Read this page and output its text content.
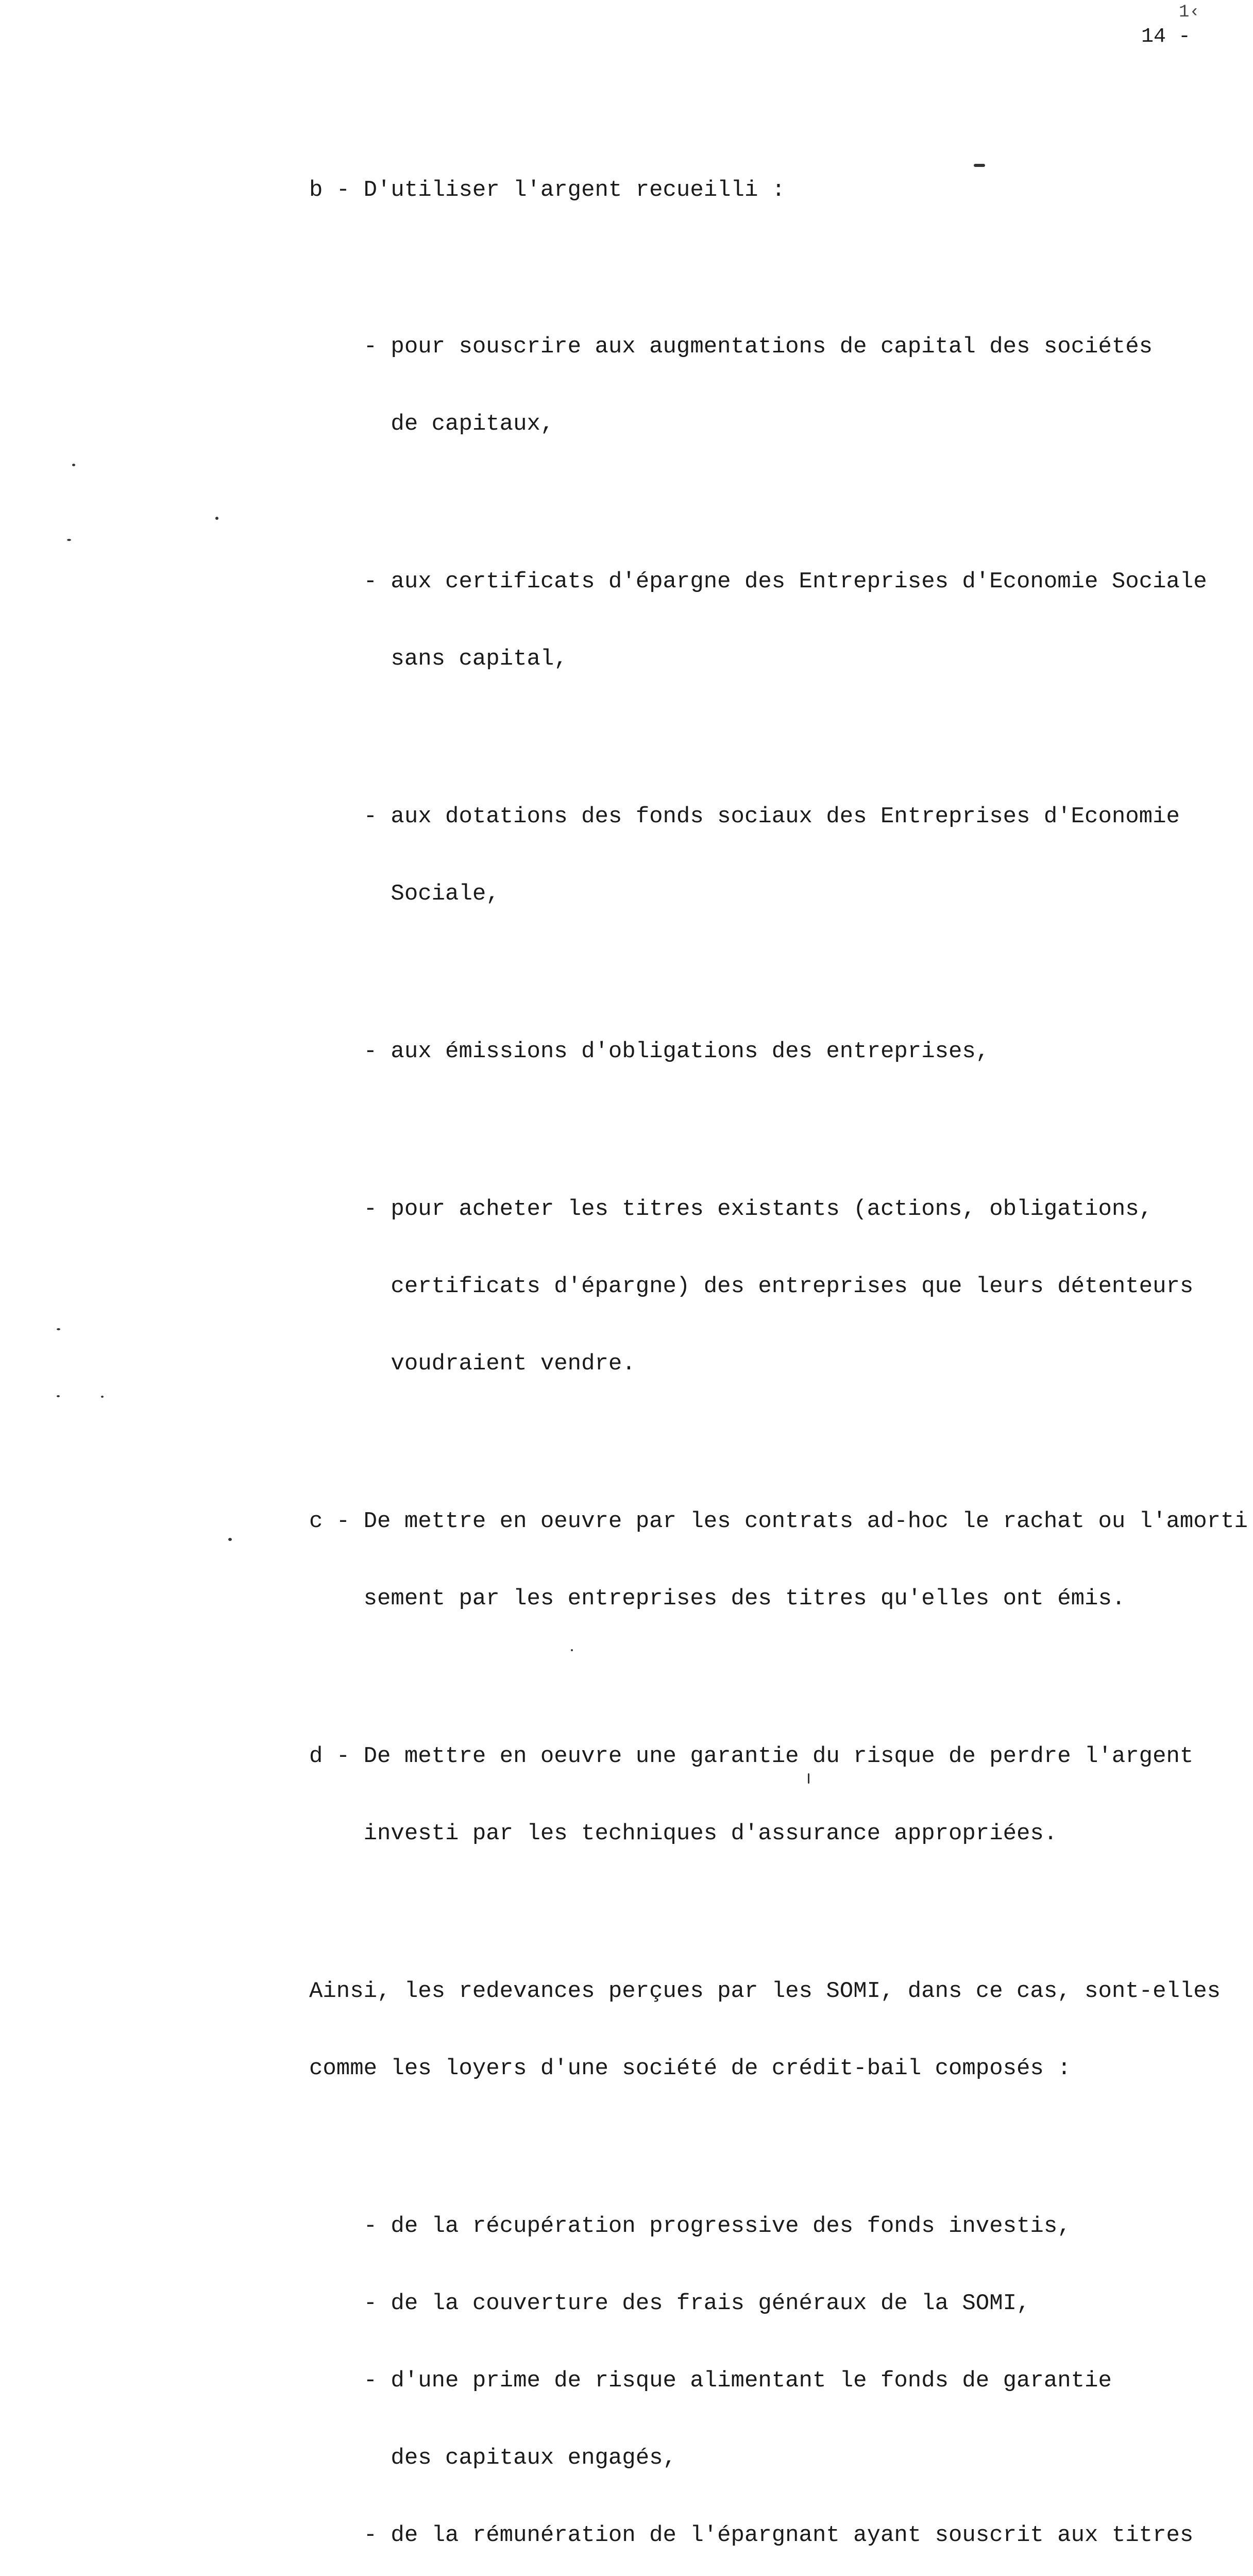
1‹
14 -

b - D'utiliser l'argent recueilli :

- pour souscrire aux augmentations de capital des sociétés

de capitaux,

- aux certificats d'épargne des Entreprises d'Economie Sociale

sans capital,

- aux dotations des fonds sociaux des Entreprises d'Economie

Sociale,

- aux émissions d'obligations des entreprises,

- pour acheter les titres existants (actions, obligations,

certificats d'épargne) des entreprises que leurs détenteurs

voudraient vendre.

c - De mettre en oeuvre par les contrats ad-hoc le rachat ou l'amorti

sement par les entreprises des titres qu'elles ont émis.

d - De mettre en oeuvre une garantie du risque de perdre l'argent

investi par les techniques d'assurance appropriées.

Ainsi, les redevances perçues par les SOMI, dans ce cas, sont-elles

comme les loyers d'une société de crédit-bail composés :

- de la récupération progressive des fonds investis,

- de la couverture des frais généraux de la SOMI,

- d'une prime de risque alimentant le fonds de garantie

des capitaux engagés,

- de la rémunération de l'épargnant ayant souscrit aux titres
